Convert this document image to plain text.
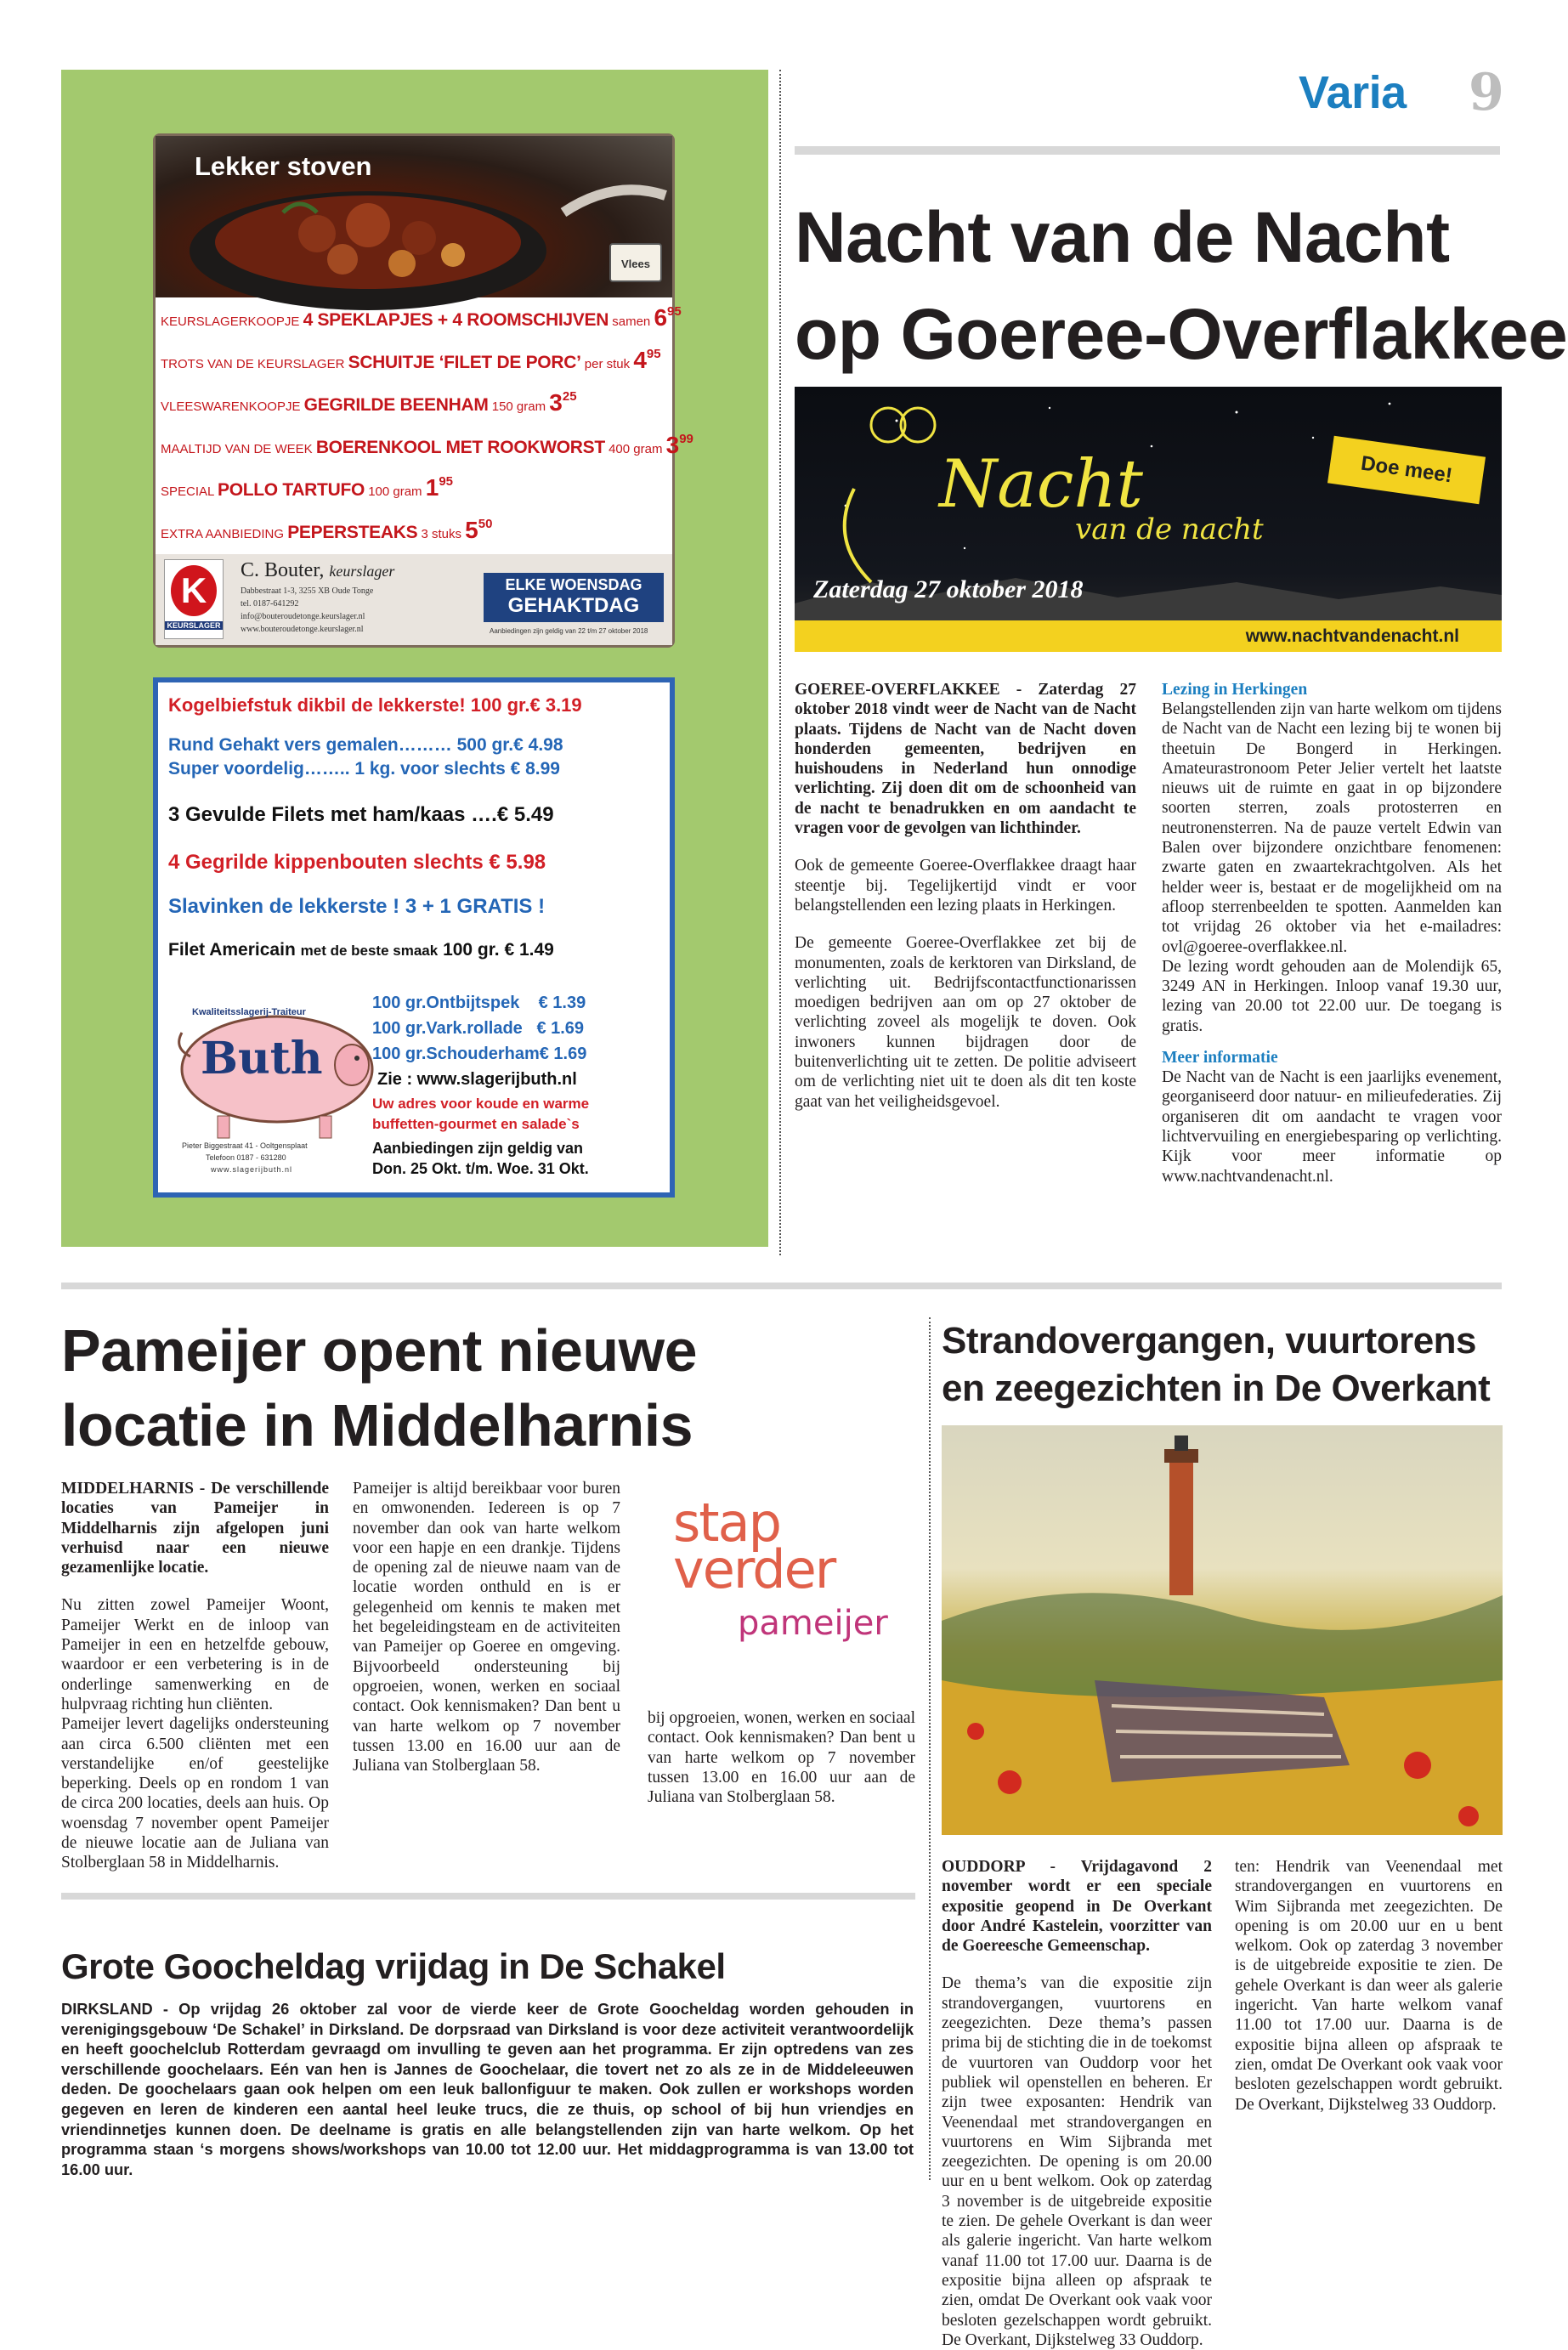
Varia 9
Lekker stoven
Vlees
KEURSLAGERKOOPJE 4 SPEKLAPJES + 4 ROOMSCHIJVEN samen $6^{95}$
TROTS VAN DE KEURSLAGER SCHUITJE ‘FILET DE PORC’ per stuk $4^{95}$
VLEESWARENKOOPJE GEGRILDE BEENHAM 150 gram $3^{25}$
MAALTIJD VAN DE WEEK BOERENKOOL MET ROOKWORST 400 gram $3^{99}$
SPECIAL POLLO TARTUFO 100 gram $1^{95}$
EXTRA AANBIEDING PEPERSTEAKS 3 stuks $5^{50}$
K
KEURSLAGER
C. Bouter, keurslager
Dabbestraat 1-3, 3255 XB Oude Tonge
tel. 0187-641292
info@bouteroudetonge.keurslager.nl
www.bouteroudetonge.keurslager.nl
ELKE WOENSDAG
GEHAKTDAG
Aanbiedingen zijn geldig van 22 t/m 27 oktober 2018
Kogelbiefstuk dikbil de lekkerste! 100 gr.€ 3.19
Rund Gehakt vers gemalen……… 500 gr.€ 4.98
Super voordelig…….. 1 kg. voor slechts € 8.99
3 Gevulde Filets met ham/kaas ….€ 5.49
4 Gegrilde kippenbouten slechts € 5.98
Slavinken de lekkerste ! 3 + 1 GRATIS !
Filet Americain met de beste smaak 100 gr. € 1.49
Kwaliteitsslagerij-Traiteur
Buth
Pieter Biggestraat 41 - Ooltgensplaat
Telefoon 0187 - 631280
www.slagerijbuth.nl
100 gr.Ontbijtspek    € 1.39
100 gr.Vark.rollade   € 1.69
100 gr.Schouderham€ 1.69
Zie : www.slagerijbuth.nl
Uw adres voor koude en warme
buffetten-gourmet en salade`s
Aanbiedingen zijn geldig van
Don. 25 Okt. t/m. Woe. 31 Okt.
Nacht van de Nacht
op Goeree-Overflakkee
Nacht
van de nacht
Zaterdag 27 oktober 2018
Doe mee!
www.nachtvandenacht.nl

GOEREE-OVERFLAKKEE - Zaterdag 27 oktober 2018 vindt weer de Nacht van de Nacht plaats. Tijdens de Nacht van de Nacht doven honderden gemeenten, bedrijven en huishoudens in Nederland hun onnodige verlichting. Zij doen dit om de schoonheid van de nacht te benadrukken en om aandacht te vragen voor de gevolgen van lichthinder.

Ook de gemeente Goeree-Overflakkee draagt haar steentje bij. Tegelijkertijd vindt er voor belangstellenden een lezing plaats in Herkingen.

De gemeente Goeree-Overflakkee zet bij de monumenten, zoals de kerktoren van Dirksland, de verlichting uit. Bedrijfscontactfunctionarissen moedigen bedrijven aan om op 27 oktober de verlichting zoveel als mogelijk te doven. Ook inwoners kunnen bijdragen door de buitenverlichting uit te zetten. De politie adviseert om de verlichting niet uit te doen als dit ten koste gaat van het veiligheidsgevoel.

Lezing in Herkingen

Belangstellenden zijn van harte welkom om tijdens de Nacht van de Nacht een lezing bij te wonen bij theetuin De Bongerd in Herkingen. Amateurastronoom Peter Jelier vertelt het laatste nieuws uit de ruimte en gaat in op bijzondere soorten sterren, zoals protosterren en neutronensterren. Na de pauze vertelt Edwin van Balen over bijzondere onzichtbare fenomenen: zwarte gaten en zwaartekrachtgolven. Als het helder weer is, bestaat er de mogelijkheid om na afloop sterrenbeelden te spotten. Aanmelden kan tot vrijdag 26 oktober via het e-mailadres: ovl@goeree-overflakkee.nl.

De lezing wordt gehouden aan de Molendijk 65, 3249 AN in Herkingen. Inloop vanaf 19.30 uur, lezing van 20.00 tot 22.00 uur. De toegang is gratis.

Meer informatie

De Nacht van de Nacht is een jaarlijks evenement, georganiseerd door natuur- en milieufederaties. Zij organiseren dit om aandacht te vragen voor lichtvervuiling en energiebesparing op verlichting. Kijk voor meer informatie op www.nachtvandenacht.nl.

Pameijer opent nieuwe
locatie in Middelharnis

MIDDELHARNIS - De verschillende locaties van Pameijer in Middelharnis zijn afgelopen juni verhuisd naar een nieuwe gezamenlijke locatie.

Nu zitten zowel Pameijer Woont, Pameijer Werkt en de inloop van Pameijer in een en hetzelfde gebouw, waardoor er een verbetering is in de onderlinge samenwerking en de hulpvraag richting hun cliënten.

Pameijer levert dagelijks ondersteuning aan circa 6.500 cliënten met een verstandelijke en/of geestelijke beperking. Deels op en rondom 1 van de circa 200 locaties, deels aan huis. Op woensdag 7 november opent Pameijer de nieuwe locatie aan de Juliana van Stolberglaan 58 in Middelharnis.

Pameijer is altijd bereikbaar voor buren en omwonenden. Iedereen is op 7 november dan ook van harte welkom voor een hapje en een drankje. Tijdens de opening zal de nieuwe naam van de locatie worden onthuld en is er gelegenheid om kennis te maken met het begeleidingsteam en de activiteiten van Pameijer op Goeree en omgeving. Bijvoorbeeld ondersteuning bij opgroeien, wonen, werken en sociaal contact. Ook kennismaken? Dan bent u van harte welkom op 7 november tussen 13.00 en 16.00 uur aan de Juliana van Stolberglaan 58.

stap
verder
pameijer

bij opgroeien, wonen, werken en sociaal contact. Ook kennismaken? Dan bent u van harte welkom op 7 november tussen 13.00 en 16.00 uur aan de Juliana van Stolberglaan 58.

Strandovergangen, vuurtorens
en zeegezichten in De Overkant

OUDDORP - Vrijdagavond 2 november wordt er een speciale expositie geopend in De Overkant door André Kastelein, voorzitter van de Goereesche Gemeenschap.

De thema’s van die expositie zijn strandovergangen, vuurtorens en zeegezichten. Deze thema’s passen prima bij de stichting die in de toekomst de vuurtoren van Ouddorp voor het publiek wil openstellen en beheren. Er zijn twee exposanten: Hendrik van Veenendaal met strandovergangen en vuurtorens en Wim Sijbranda met zeegezichten. De opening is om 20.00 uur en u bent welkom. Ook op zaterdag 3 november is de uitgebreide expositie te zien. De gehele Overkant is dan weer als galerie ingericht. Van harte welkom vanaf 11.00 tot 17.00 uur. Daarna is de expositie bijna alleen op afspraak te zien, omdat De Overkant ook vaak voor besloten gezelschappen wordt gebruikt. De Overkant, Dijkstelweg 33 Ouddorp.

ten: Hendrik van Veenendaal met strandovergangen en vuurtorens en Wim Sijbranda met zeegezichten. De opening is om 20.00 uur en u bent welkom. Ook op zaterdag 3 november is de uitgebreide expositie te zien. De gehele Overkant is dan weer als galerie ingericht. Van harte welkom vanaf 11.00 tot 17.00 uur. Daarna is de expositie bijna alleen op afspraak te zien, omdat De Overkant ook vaak voor besloten gezelschappen wordt gebruikt. De Overkant, Dijkstelweg 33 Ouddorp.

Grote Goocheldag vrijdag in De Schakel
DIRKSLAND - Op vrijdag 26 oktober zal voor de vierde keer de Grote Goocheldag worden gehouden in verenigingsgebouw ‘De Schakel’ in Dirksland. De dorpsraad van Dirksland is voor deze activiteit verantwoordelijk en heeft goochelclub Rotterdam gevraagd om invulling te geven aan het programma. Er zijn optredens van zes verschillende goochelaars. Eén van hen is Jannes de Goochelaar, die tovert net zo als ze in de Middeleeuwen deden. De goochelaars gaan ook helpen om een leuk ballonfiguur te maken. Ook zullen er workshops worden gegeven en leren de kinderen een aantal heel leuke trucs, die ze thuis, op school of bij hun vriendjes en vriendinnetjes kunnen doen. De deelname is gratis en alle belangstellenden zijn van harte welkom. Op het programma staan ‘s morgens shows/workshops van 10.00 tot 12.00 uur. Het middagprogramma is van 13.00 tot 16.00 uur.
